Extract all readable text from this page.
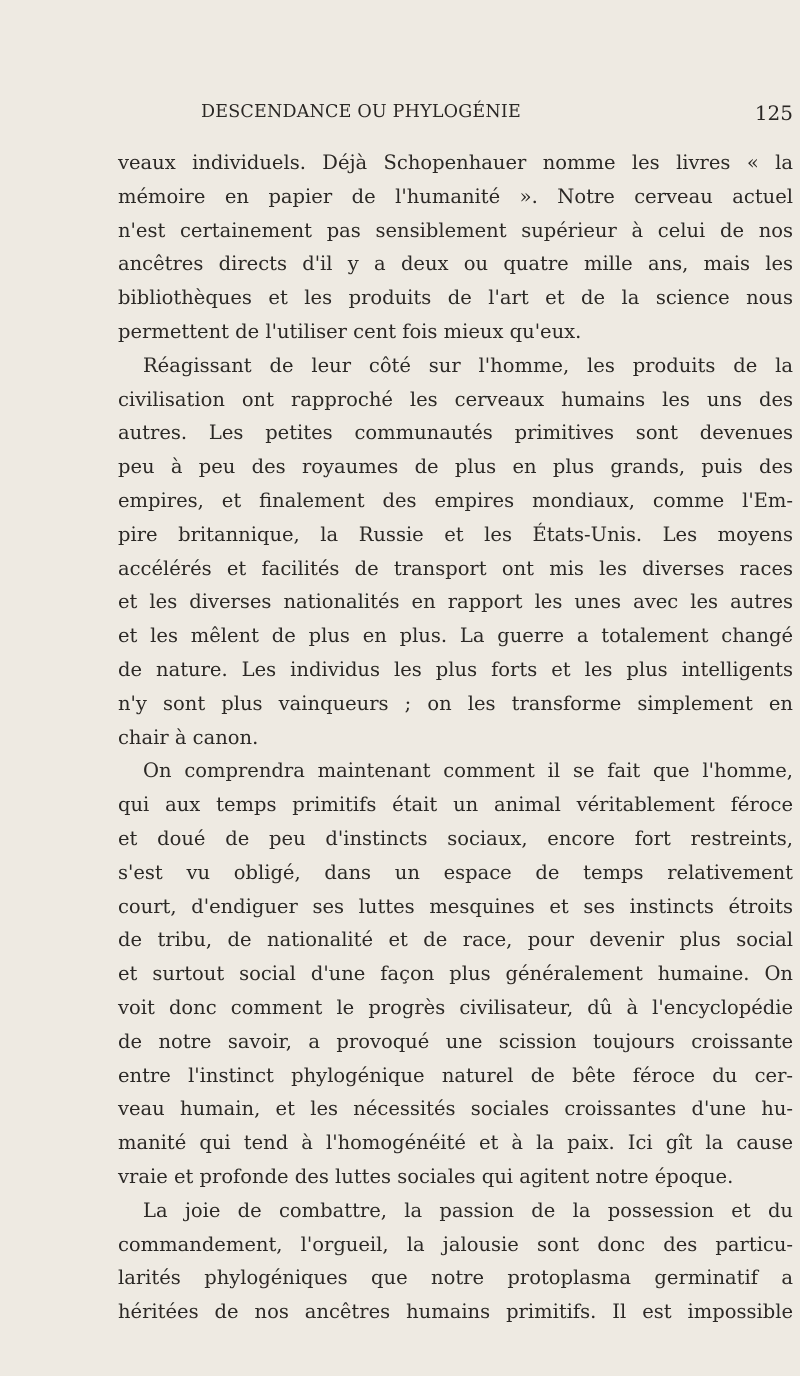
DESCENDANCE OU PHYLOGÉNIE	125
veaux individuels. Déjà Schopenhauer nomme les livres « la
mémoire en papier de l'humanité ». Notre cerveau actuel
n'est certainement pas sensiblement supérieur à celui de nos
ancêtres directs d'il y a deux ou quatre mille ans, mais les
bibliothèques et les produits de l'art et de la science nous
permettent de l'utiliser cent fois mieux qu'eux.
Réagissant de leur côté sur l'homme, les produits de la
civilisation ont rapproché les cerveaux humains les uns des
autres. Les petites communautés primitives sont devenues
peu à peu des royaumes de plus en plus grands, puis des
empires, et finalement des empires mondiaux, comme l'Em-
pire britannique, la Russie et les États-Unis. Les moyens
accélérés et facilités de transport ont mis les diverses races
et les diverses nationalités en rapport les unes avec les autres
et les mêlent de plus en plus. La guerre a totalement changé
de nature. Les individus les plus forts et les plus intelligents
n'y sont plus vainqueurs ; on les transforme simplement en
chair à canon.
On comprendra maintenant comment il se fait que l'homme,
qui aux temps primitifs était un animal véritablement féroce
et doué de peu d'instincts sociaux, encore fort restreints,
s'est vu obligé, dans un espace de temps relativement
court, d'endiguer ses luttes mesquines et ses instincts étroits
de tribu, de nationalité et de race, pour devenir plus social
et surtout social d'une façon plus généralement humaine. On
voit donc comment le progrès civilisateur, dû à l'encyclopédie
de notre savoir, a provoqué une scission toujours croissante
entre l'instinct phylogénique naturel de bête féroce du cer-
veau humain, et les nécessités sociales croissantes d'une hu-
manité qui tend à l'homogénéité et à la paix. Ici gît la cause
vraie et profonde des luttes sociales qui agitent notre époque.
La joie de combattre, la passion de la possession et du
commandement, l'orgueil, la jalousie sont donc des particu-
larités phylogéniques que notre protoplasma germinatif a
héritées de nos ancêtres humains primitifs. Il est impossible
